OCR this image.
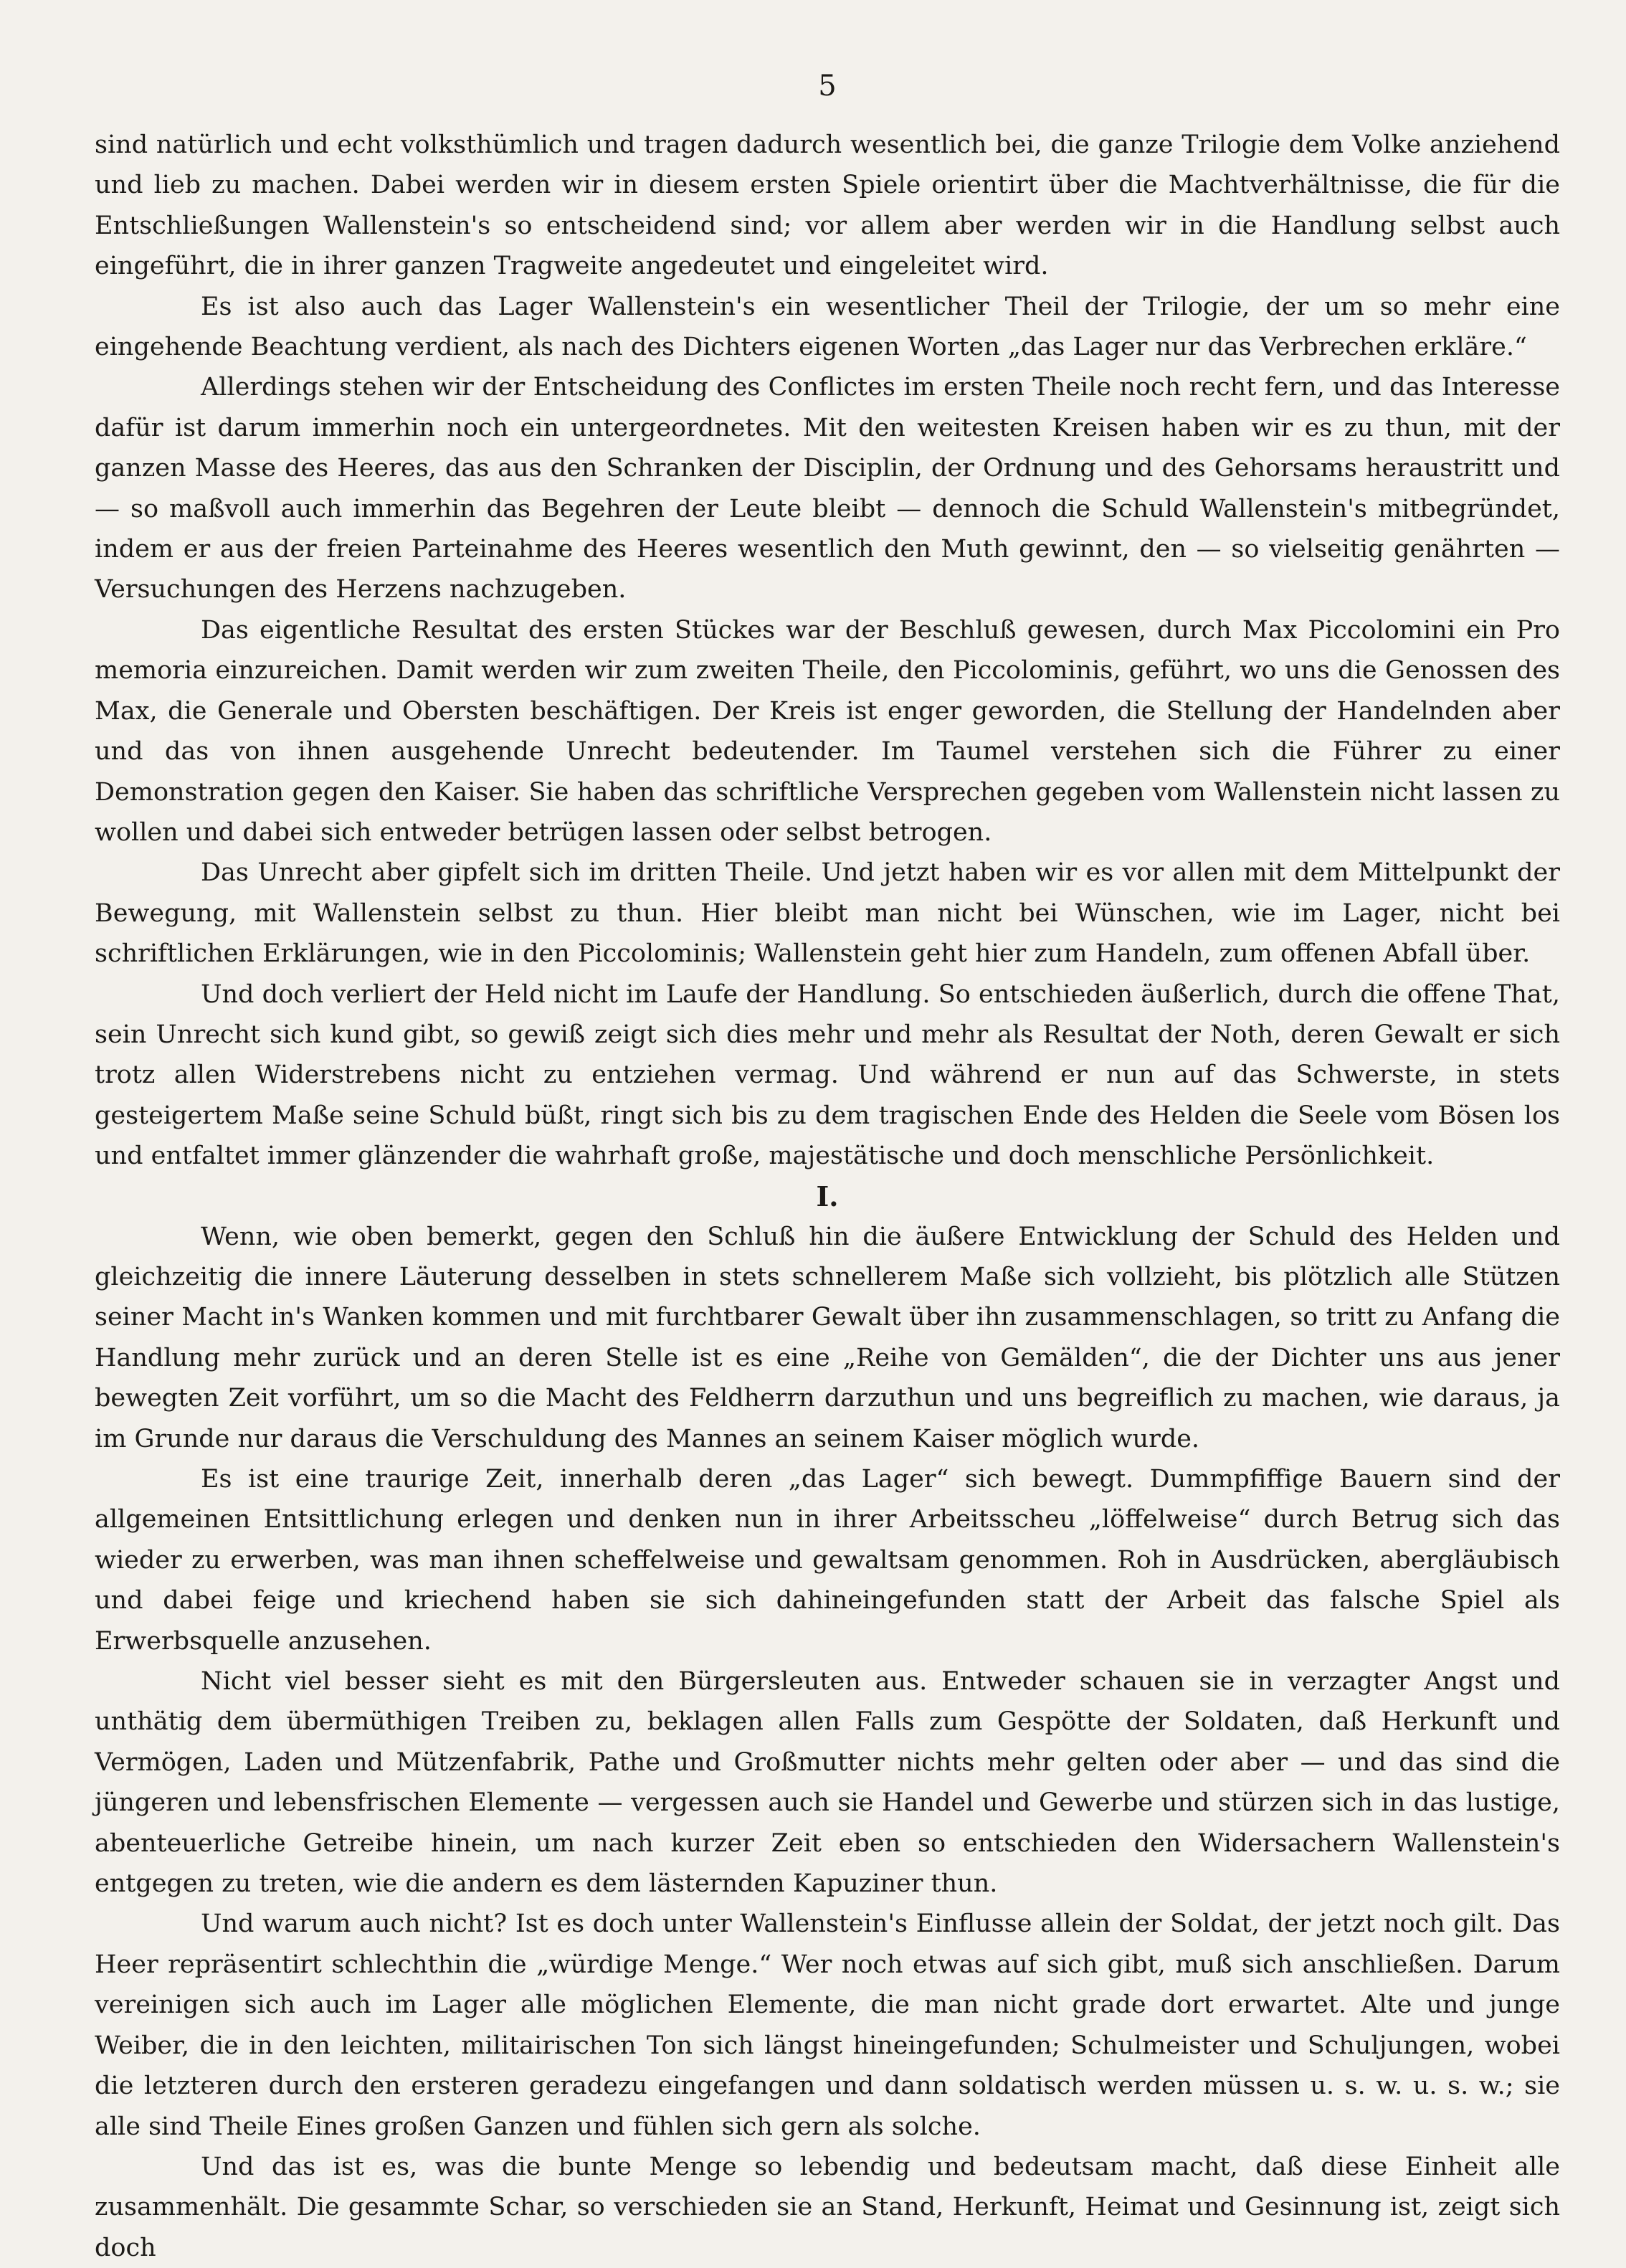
5

sind natürlich und echt volksthümlich und tragen dadurch wesentlich bei, die ganze Trilogie dem Volke anziehend und lieb zu machen. Dabei werden wir in diesem ersten Spiele orientirt über die Machtverhältnisse, die für die Entschließungen Wallenstein's so entscheidend sind; vor allem aber werden wir in die Handlung selbst auch eingeführt, die in ihrer ganzen Tragweite angedeutet und eingeleitet wird.

Es ist also auch das Lager Wallenstein's ein wesentlicher Theil der Trilogie, der um so mehr eine eingehende Beachtung verdient, als nach des Dichters eigenen Worten „das Lager nur das Verbrechen erkläre.“

Allerdings stehen wir der Entscheidung des Conflictes im ersten Theile noch recht fern, und das Interesse dafür ist darum immerhin noch ein untergeordnetes. Mit den weitesten Kreisen haben wir es zu thun, mit der ganzen Masse des Heeres, das aus den Schranken der Disciplin, der Ordnung und des Gehorsams heraustritt und — so maßvoll auch immerhin das Begehren der Leute bleibt — dennoch die Schuld Wallenstein's mitbegründet, indem er aus der freien Parteinahme des Heeres wesentlich den Muth gewinnt, den — so vielseitig genährten — Versuchungen des Herzens nachzugeben.

Das eigentliche Resultat des ersten Stückes war der Beschluß gewesen, durch Max Piccolomini ein Pro memoria einzureichen. Damit werden wir zum zweiten Theile, den Piccolominis, geführt, wo uns die Genossen des Max, die Generale und Obersten beschäftigen. Der Kreis ist enger geworden, die Stellung der Handelnden aber und das von ihnen ausgehende Unrecht bedeutender. Im Taumel verstehen sich die Führer zu einer Demonstration gegen den Kaiser. Sie haben das schriftliche Versprechen gegeben vom Wallenstein nicht lassen zu wollen und dabei sich entweder betrügen lassen oder selbst betrogen.

Das Unrecht aber gipfelt sich im dritten Theile. Und jetzt haben wir es vor allen mit dem Mittelpunkt der Bewegung, mit Wallenstein selbst zu thun. Hier bleibt man nicht bei Wünschen, wie im Lager, nicht bei schriftlichen Erklärungen, wie in den Piccolominis; Wallenstein geht hier zum Handeln, zum offenen Abfall über.

Und doch verliert der Held nicht im Laufe der Handlung. So entschieden äußerlich, durch die offene That, sein Unrecht sich kund gibt, so gewiß zeigt sich dies mehr und mehr als Resultat der Noth, deren Gewalt er sich trotz allen Widerstrebens nicht zu entziehen vermag. Und während er nun auf das Schwerste, in stets gesteigertem Maße seine Schuld büßt, ringt sich bis zu dem tragischen Ende des Helden die Seele vom Bösen los und entfaltet immer glänzender die wahrhaft große, majestätische und doch menschliche Persönlichkeit.

I.

Wenn, wie oben bemerkt, gegen den Schluß hin die äußere Entwicklung der Schuld des Helden und gleichzeitig die innere Läuterung desselben in stets schnellerem Maße sich vollzieht, bis plötzlich alle Stützen seiner Macht in's Wanken kommen und mit furchtbarer Gewalt über ihn zusammenschlagen, so tritt zu Anfang die Handlung mehr zurück und an deren Stelle ist es eine „Reihe von Gemälden“, die der Dichter uns aus jener bewegten Zeit vorführt, um so die Macht des Feldherrn darzuthun und uns begreiflich zu machen, wie daraus, ja im Grunde nur daraus die Verschuldung des Mannes an seinem Kaiser möglich wurde.

Es ist eine traurige Zeit, innerhalb deren „das Lager“ sich bewegt. Dummpfiffige Bauern sind der allgemeinen Entsittlichung erlegen und denken nun in ihrer Arbeitsscheu „löffelweise“ durch Betrug sich das wieder zu erwerben, was man ihnen scheffelweise und gewaltsam genommen. Roh in Ausdrücken, abergläubisch und dabei feige und kriechend haben sie sich dahineingefunden statt der Arbeit das falsche Spiel als Erwerbsquelle anzusehen.

Nicht viel besser sieht es mit den Bürgersleuten aus. Entweder schauen sie in verzagter Angst und unthätig dem übermüthigen Treiben zu, beklagen allen Falls zum Gespötte der Soldaten, daß Herkunft und Vermögen, Laden und Mützenfabrik, Pathe und Großmutter nichts mehr gelten oder aber — und das sind die jüngeren und lebensfrischen Elemente — vergessen auch sie Handel und Gewerbe und stürzen sich in das lustige, abenteuerliche Getreibe hinein, um nach kurzer Zeit eben so entschieden den Widersachern Wallenstein's entgegen zu treten, wie die andern es dem lästernden Kapuziner thun.

Und warum auch nicht? Ist es doch unter Wallenstein's Einflusse allein der Soldat, der jetzt noch gilt. Das Heer repräsentirt schlechthin die „würdige Menge.“ Wer noch etwas auf sich gibt, muß sich anschließen. Darum vereinigen sich auch im Lager alle möglichen Elemente, die man nicht grade dort erwartet. Alte und junge Weiber, die in den leichten, militairischen Ton sich längst hineingefunden; Schulmeister und Schuljungen, wobei die letzteren durch den ersteren geradezu eingefangen und dann soldatisch werden müssen u. s. w. u. s. w.; sie alle sind Theile Eines großen Ganzen und fühlen sich gern als solche.

Und das ist es, was die bunte Menge so lebendig und bedeutsam macht, daß diese Einheit alle zusammenhält. Die gesammte Schar, so verschieden sie an Stand, Herkunft, Heimat und Gesinnung ist, zeigt sich doch
